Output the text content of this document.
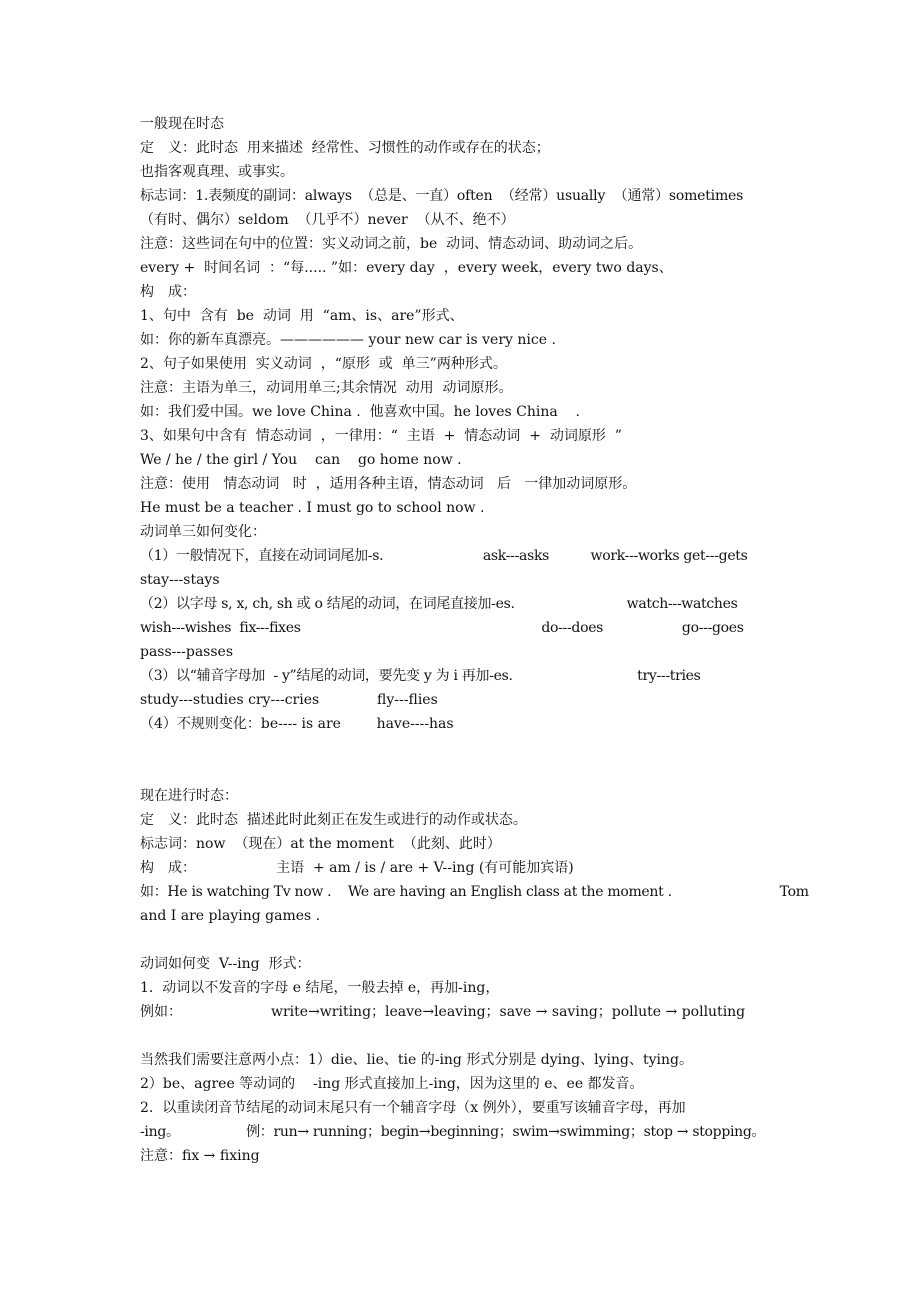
一般现在时态
定　义：此时态  用来描述  经常性、习惯性的动作或存在的状态；
也指客观真理、或事实。
标志词：1.表频度的副词：always  （总是、一直）often  （经常）usually  （通常）sometimes
（有时、偶尔）seldom  （几乎不）never  （从不、绝不）
注意：这些词在句中的位置：实义动词之前，be  动词、情态动词、助动词之后。
every +  时间名词  ：“每..... ”如：every day  ，every week，every two days、
构　成：
1、句中  含有  be  动词  用  “am、is、are”形式、
如：你的新车真漂亮。—————— your new car is very nice .
2、句子如果使用  实义动词  ，“原形  或  单三”两种形式。
注意：主语为单三，动词用单三;其余情况  动用  动词原形。
如：我们爱中国。we love China .  他喜欢中国。he loves China    .
3、如果句中含有  情态动词  ，一律用：“  主语  +  情态动词  +  动词原形  ”
We / he / the girl / You    can    go home now .
注意：使用   情态动词   时  ，适用各种主语，情态动词   后   一律加动词原形。
He must be a teacher . I must go to school now .
动词单三如何变化：
（1）一般情况下，直接在动词词尾加-s.                        ask---asks          work---works get---gets
stay---stays
（2）以字母 s, x, ch, sh 或 o 结尾的动词，在词尾直接加-es.                           watch---watches
wish---wishes  fix---fixes                                                          do---does                   go---goes
pass---passes
（3）以“辅音字母加  - y”结尾的动词，要先变 y 为 i 再加-es.                              try---tries
study---studies cry---cries             fly---flies
（4）不规则变化：be---- is are        have----has
现在进行时态：
定　义：此时态  描述此时此刻正在发生或进行的动作或状态。
标志词：now  （现在）at the moment  （此刻、此时）
构　成：                  主语  + am / is / are + V--ing (有可能加宾语)
如：He is watching Tv now .    We are having an English class at the moment .                          Tom
and I are playing games .
动词如何变  V--ing  形式：
1.  动词以不发音的字母 e 结尾，一般去掉 e，再加-ing，
例如：                    write→writing；leave→leaving；save → saving；pollute → polluting
当然我们需要注意两小点：1）die、lie、tie 的-ing 形式分别是 dying、lying、tying。
2）be、agree 等动词的    -ing 形式直接加上-ing，因为这里的 e、ee 都发音。
2.  以重读闭音节结尾的动词末尾只有一个辅音字母（x 例外），要重写该辅音字母，再加
-ing。                例：run→ running；begin→beginning；swim→swimming；stop → stopping。
注意：fix → fixing
